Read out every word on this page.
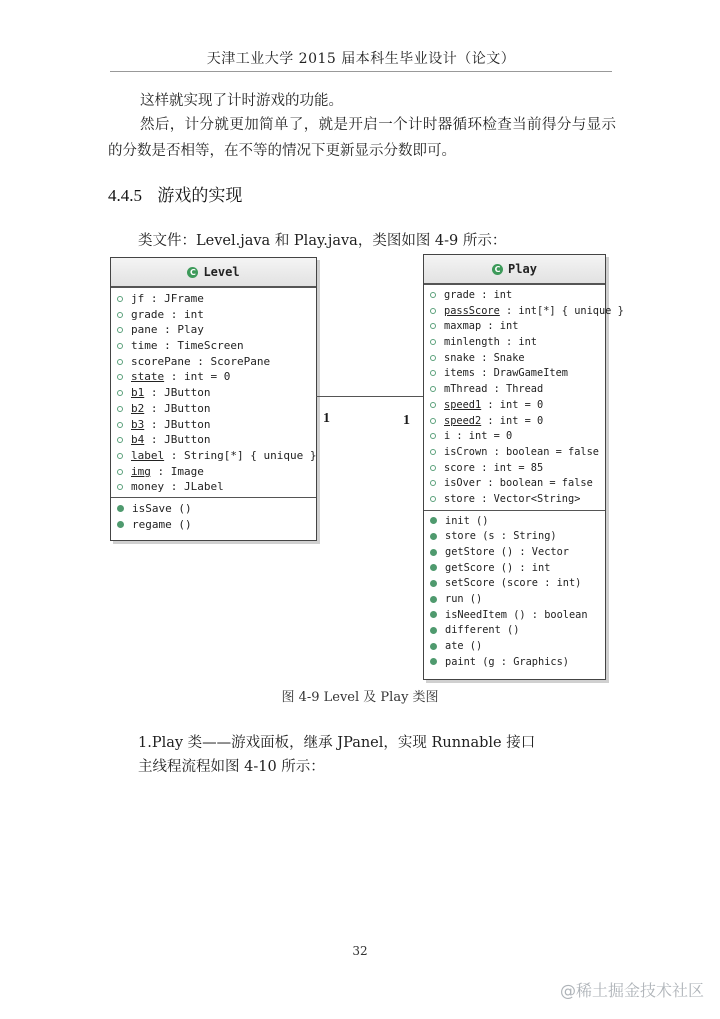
天津工业大学 2015 届本科生毕业设计（论文）
这样就实现了计时游戏的功能。
然后，计分就更加简单了，就是开启一个计时器循环检查当前得分与显示的分数是否相等，在不等的情况下更新显示分数即可。
4.4.5 游戏的实现
类文件：Level.java 和 Play.java，类图如图 4-9 所示：
C Level
jf : JFrame
grade : int
pane : Play
time : TimeScreen
scorePane : ScorePane
state : int = 0
b1 : JButton
b2 : JButton
b3 : JButton
b4 : JButton
label : String[*] { unique }
img : Image
money : JLabel
isSave ()
regame ()
1	1
C Play
grade : int
passScore : int[*] { unique }
maxmap : int
minlength : int
snake : Snake
items : DrawGameItem
mThread : Thread
speed1 : int = 0
speed2 : int = 0
i : int = 0
isCrown : boolean = false
score : int = 85
isOver : boolean = false
store : Vector<String>
init ()
store (s : String)
getStore () : Vector
getScore () : int
setScore (score : int)
run ()
isNeedItem () : boolean
different ()
ate ()
paint (g : Graphics)
图 4-9 Level 及 Play 类图
1.Play 类——游戏面板，继承 JPanel，实现 Runnable 接口
主线程流程如图 4-10 所示：
32
@稀土掘金技术社区
